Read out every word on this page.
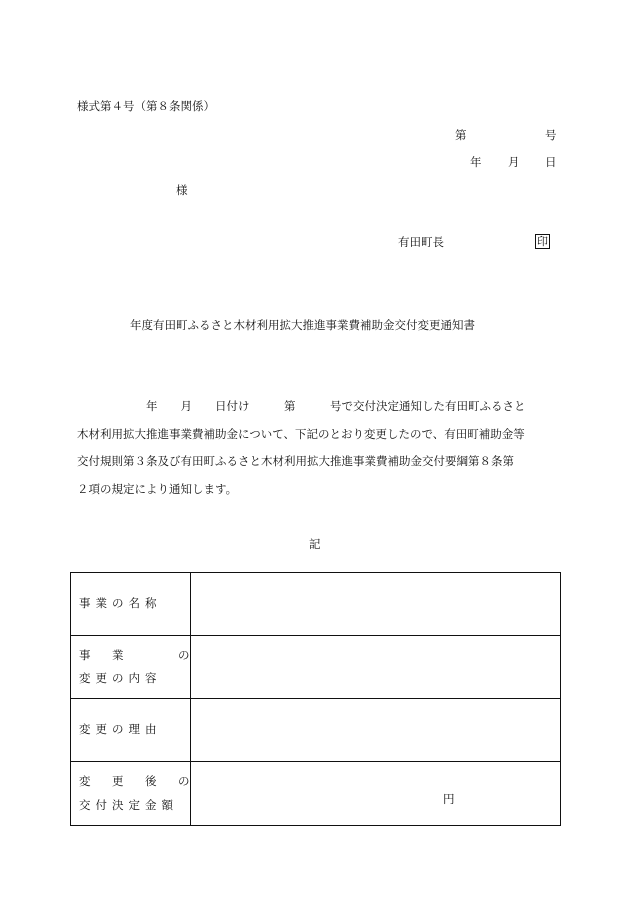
様式第４号（第８条関係）
第	号
年 月 日
様
有田町長	印
年度有田町ふるさと木材利用拡大推進事業費補助金交付変更通知書
　　　　　　年　　月　　日付け　　　第　　　号で交付決定通知した有田町ふるさと
木材利用拡大推進事業費補助金について、下記のとおり変更したので、有田町補助金等
交付規則第３条及び有田町ふるさと木材利用拡大推進事業費補助金交付要綱第８条第
２項の規定により通知します。
記
事業の名称	

事　業　　　の
変更の内容	

変更の理由	

変　更　後　の
交付決定金額	円
